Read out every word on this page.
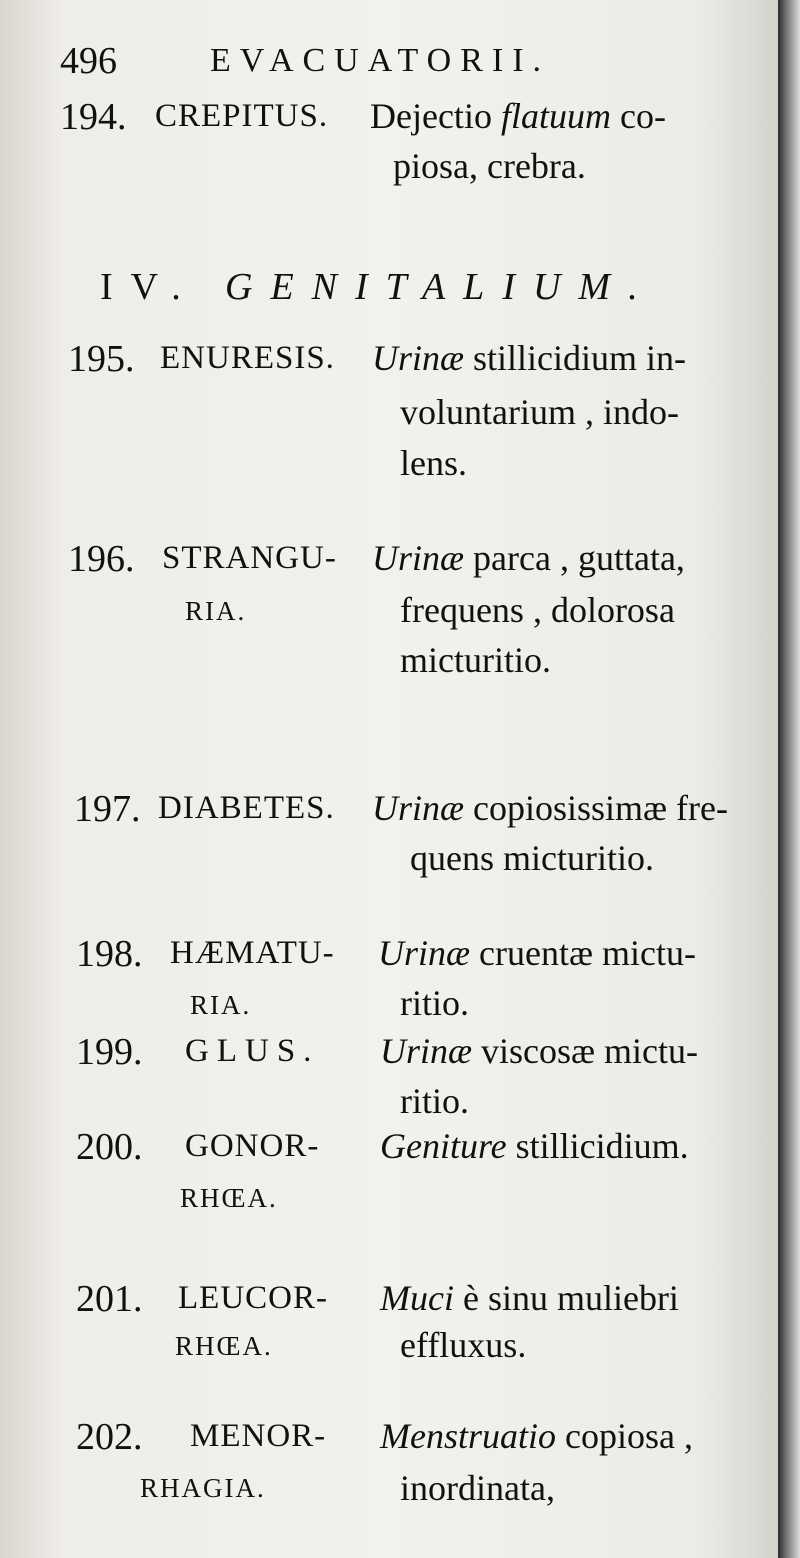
496	EVACUATORII.
194. CREPITUS. Dejectio flatuum co-
piosa, crebra.
IV. GENITALIUM.
195. ENURESIS. Urinæ stillicidium in-
voluntarium , indo-
lens.
196. STRANGU-
RIA.
Urinæ parca , guttata,
frequens , dolorosa
micturitio.
197. DIABETES. Urinæ copiosissimæ fre-
quens micturitio.
198. HÆMATU-
RIA.
Urinæ cruentæ mictu-
ritio.
199. GLUS. Urinæ viscosæ mictu-
ritio.
200. GONOR-
RHŒA.
Geniture stillicidium.
201. LEUCOR-
RHŒA.
Muci è sinu muliebri
effluxus.
202. MENOR-
RHAGIA.
Menstruatio copiosa ,
inordinata,
